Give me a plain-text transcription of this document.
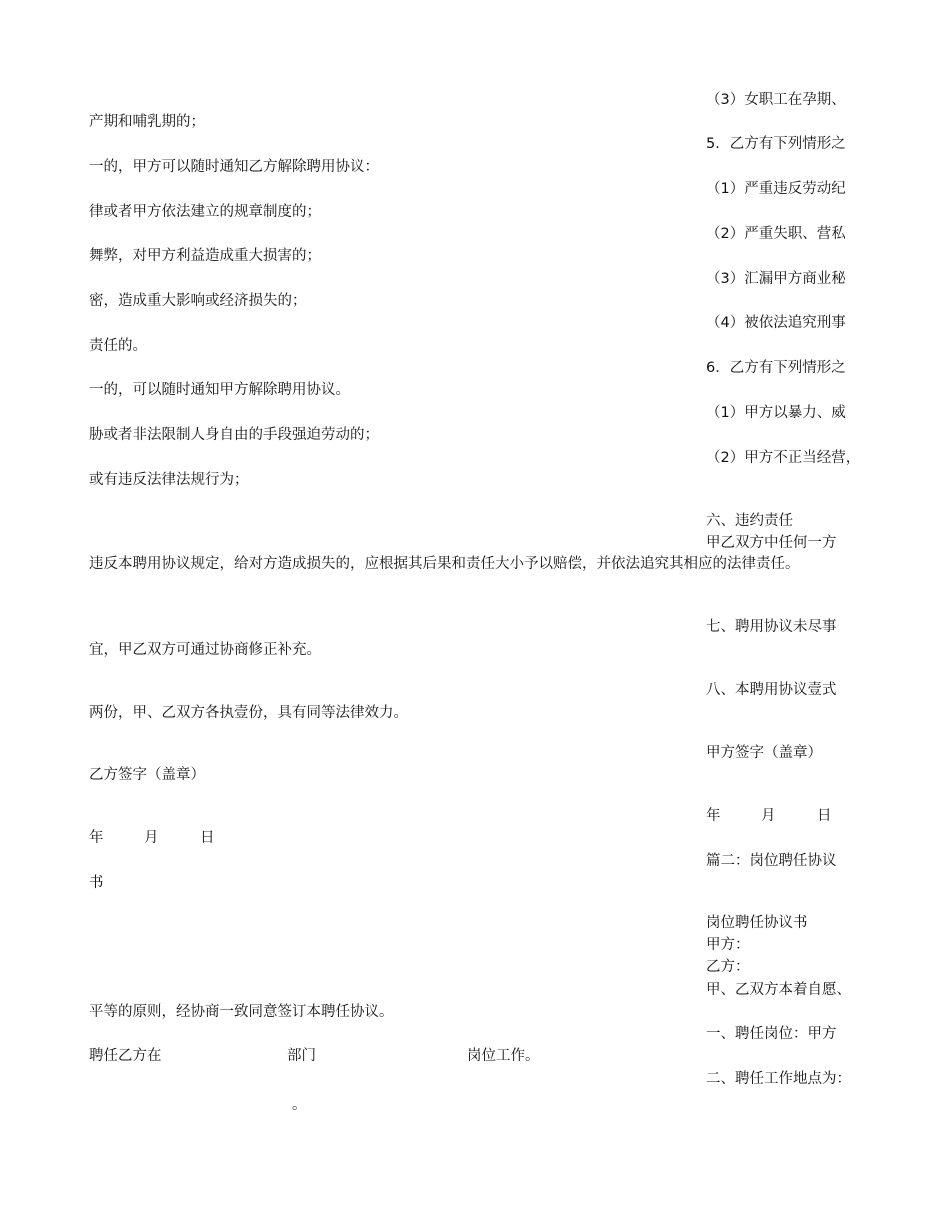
（3）女职工在孕期、
产期和哺乳期的；
5．乙方有下列情形之
一的，甲方可以随时通知乙方解除聘用协议：
（1）严重违反劳动纪
律或者甲方依法建立的规章制度的；
（2）严重失职、营私
舞弊，对甲方利益造成重大损害的；
（3）汇漏甲方商业秘
密，造成重大影响或经济损失的；
（4）被依法追究刑事
责任的。
6．乙方有下列情形之
一的，可以随时通知甲方解除聘用协议。
（1）甲方以暴力、威
胁或者非法限制人身自由的手段强迫劳动的；
（2）甲方不正当经营，
或有违反法律法规行为；
六、违约责任
甲乙双方中任何一方
违反本聘用协议规定，给对方造成损失的，应根据其后果和责任大小予以赔偿，并依法追究其相应的法律责任。
七、聘用协议未尽事
宜，甲乙双方可通过协商修正补充。
八、本聘用协议壹式
两份，甲、乙双方各执壹份，具有同等法律效力。
甲方签字（盖章）
乙方签字（盖章）
年	月	日
年	月	日
篇二：岗位聘任协议
书
岗位聘任协议书
甲方：
乙方：
甲、乙双方本着自愿、
平等的原则，经协商一致同意签订本聘任协议。
一、聘任岗位：甲方
聘任乙方在	部门	岗位工作。
二、聘任工作地点为：
。
